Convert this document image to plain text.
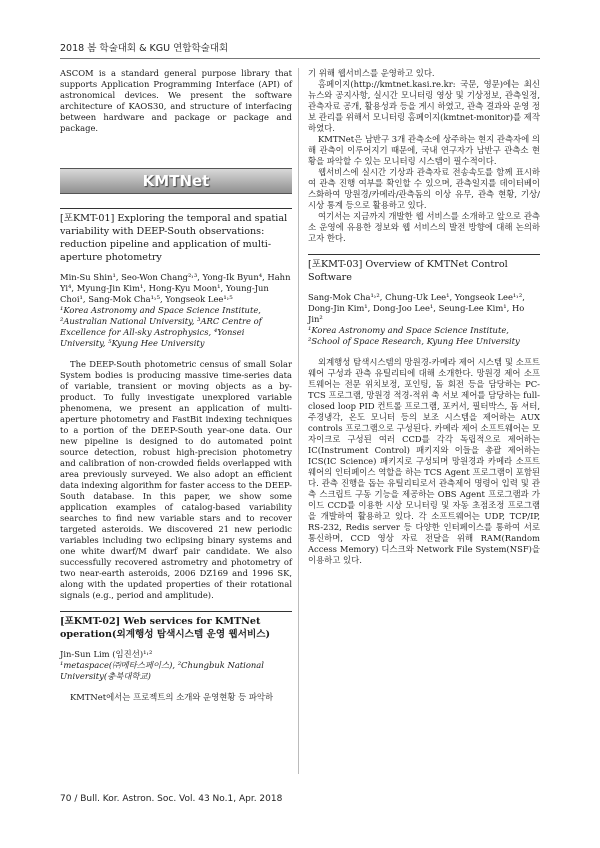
2018 봄 학술대회 & KGU 연합학술대회

ASCOM is a standard general purpose library that supports Application Programming Interface (API) of astronomical devices. We present the software architecture of KAOS30, and structure of interfacing between hardware and package or package and package.

KMTNet
[포KMT-01] Exploring the temporal and spatial variability with DEEP-South observations: reduction pipeline and application of multi-aperture photometry
Min-Su Shin¹, Seo-Won Chang²˒³, Yong-Ik Byun⁴, Hahn Yi⁴, Myung-Jin Kim¹, Hong-Kyu Moon¹, Young-Jun Choi¹, Sang-Mok Cha¹˒⁵, Yongseok Lee¹˒⁵
¹Korea Astronomy and Space Science Institute, ²Australian National University, ³ARC Centre of Excellence for All-sky Astrophysics, ⁴Yonsei University, ⁵Kyung Hee University

The DEEP-South photometric census of small Solar System bodies is producing massive time-series data of variable, transient or moving objects as a by-product. To fully investigate unexplored variable phenomena, we present an application of multi-aperture photometry and FastBit indexing techniques to a portion of the DEEP-South year-one data. Our new pipeline is designed to do automated point source detection, robust high-precision photometry and calibration of non-crowded fields overlapped with area previously surveyed. We also adopt an efficient data indexing algorithm for faster access to the DEEP-South database. In this paper, we show some application examples of catalog-based variability searches to find new variable stars and to recover targeted asteroids. We discovered 21 new periodic variables including two eclipsing binary systems and one white dwarf/M dwarf pair candidate. We also successfully recovered astrometry and photometry of two near-earth asteroids, 2006 DZ169 and 1996 SK, along with the updated properties of their rotational signals (e.g., period and amplitude).

[포KMT-02] Web services for KMTNet operation(외계행성 탐색시스템 운영 웹서비스)
Jin-Sun Lim (임진선)¹˒²
¹metaspace(㈜메타스페이스), ²Chungbuk National University(충북대학교)

KMTNet에서는 프로젝트의 소개와 운영현황 등 파악하

기 위해 웹서비스를 운영하고 있다.

홈페이지(http://kmtnet.kasi.re.kr: 국문, 영문)에는 최신 뉴스와 공지사항, 실시간 모니터링 영상 및 기상정보, 관측일정, 관측자료 공개, 활용성과 등을 게시 하였고, 관측 결과와 운영 정보 관리를 위해서 모니터링 홈페이지(kmtnet-monitor)를 제작하였다.

KMTNet은 남반구 3개 관측소에 상주하는 현지 관측자에 의해 관측이 이루어지기 때문에, 국내 연구자가 남반구 관측소 현황을 파악할 수 있는 모니터링 시스템이 필수적이다.

웹서비스에 실시간 기상과 관측자료 전송속도를 함께 표시하여 관측 진행 여부를 확인할 수 있으며, 관측일지를 데이터베이스화하여 망원경/카메라/관측돔의 이상 유무, 관측 현황, 기상/시상 통계 등으로 활용하고 있다.

여기서는 지금까지 개발한 웹 서비스를 소개하고 앞으로 관측소 운영에 유용한 정보와 웹 서비스의 발전 방향에 대해 논의하고자 한다.

[포KMT-03] Overview of KMTNet Control Software
Sang-Mok Cha¹˒², Chung-Uk Lee¹, Yongseok Lee¹˒², Dong-Jin Kim¹, Dong-Joo Lee¹, Seung-Lee Kim¹, Ho Jin²
¹Korea Astronomy and Space Science Institute, ²School of Space Research, Kyung Hee University

외계행성 탐색시스템의 망원경-카메라 제어 시스템 및 소프트웨어 구성과 관측 유틸리티에 대해 소개한다. 망원경 제어 소프트웨어는 전문 위치보정, 포인팅, 돔 회전 등을 담당하는 PC-TCS 프로그램, 망원경 적경-적위 축 서보 제어를 담당하는 full-closed loop PID 컨트롤 프로그램, 포커서, 필터박스, 돔 셔터, 주경냉각, 온도 모니터 등의 보조 시스템을 제어하는 AUX controls 프로그램으로 구성된다. 카메라 제어 소프트웨어는 모자이크로 구성된 여러 CCD를 각각 독립적으로 제어하는 IC(Instrument Control) 패키지와 이들을 총괄 제어하는 ICS(IC Science) 패키지로 구성되며 망원경과 카메라 소프트웨어의 인터페이스 역할을 하는 TCS Agent 프로그램이 포함된다. 관측 진행을 돕는 유틸리티로서 관측제어 명령어 입력 및 관측 스크립트 구동 기능을 제공하는 OBS Agent 프로그램과 가이드 CCD를 이용한 시상 모니터링 및 자동 초점조정 프로그램을 개발하여 활용하고 있다. 각 소프트웨어는 UDP, TCP/IP, RS-232, Redis server 등 다양한 인터페이스를 통하여 서로 통신하며, CCD 영상 자료 전달을 위해 RAM(Random Access Memory) 디스크와 Network File System(NSF)을 이용하고 있다.

70 / Bull. Kor. Astron. Soc. Vol. 43 No.1, Apr. 2018
